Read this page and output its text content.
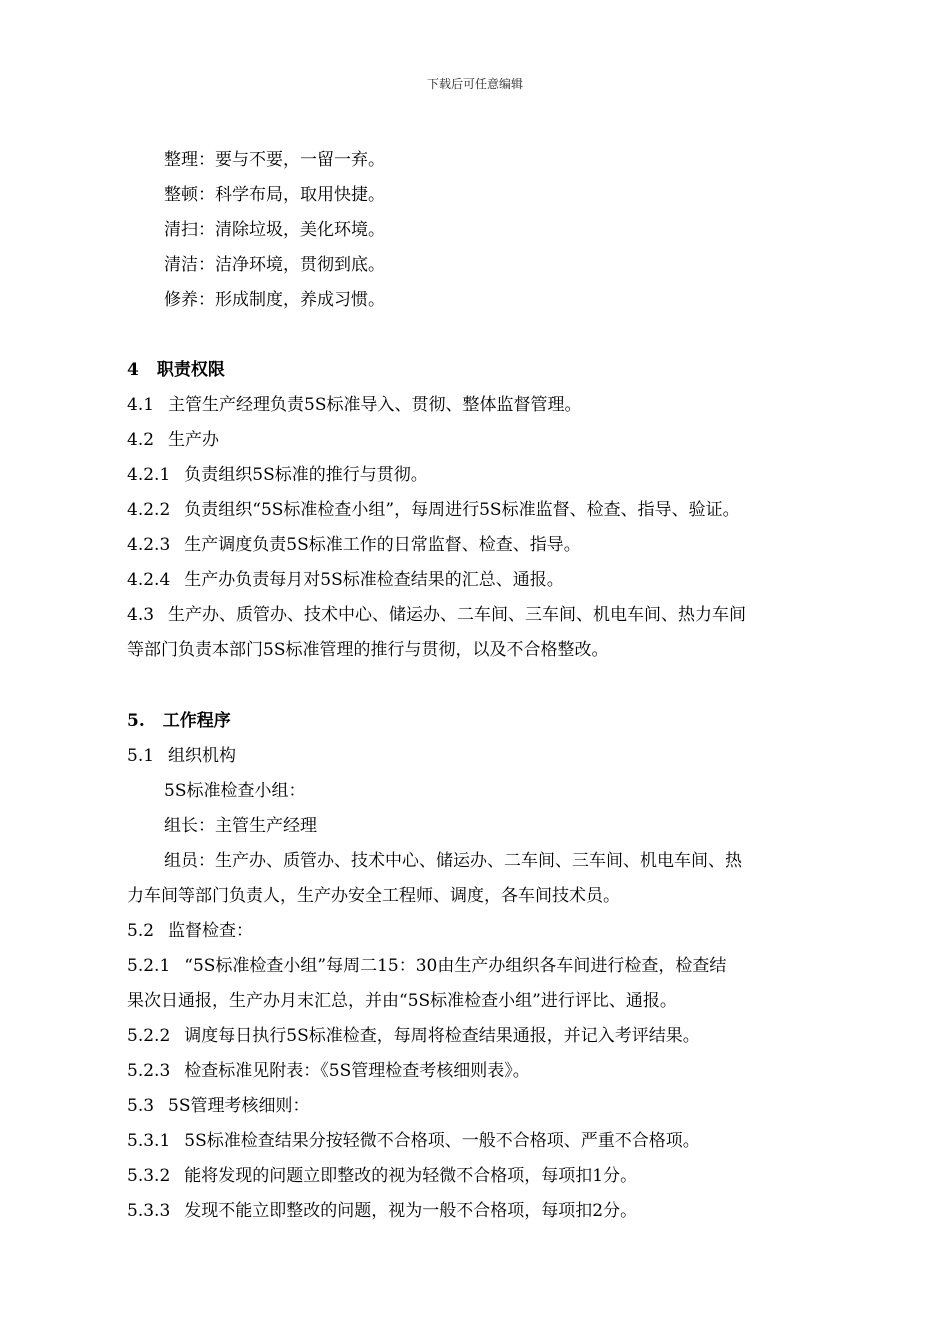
下载后可任意编辑
整理：要与不要，一留一弃。
整顿：科学布局，取用快捷。
清扫：清除垃圾，美化环境。
清洁：洁净环境，贯彻到底。
修养：形成制度，养成习惯。
4 职责权限
4.1 主管生产经理负责5S标准导入、贯彻、整体监督管理。
4.2 生产办
4.2.1 负责组织5S标准的推行与贯彻。
4.2.2 负责组织“5S标准检查小组”，每周进行5S标准监督、检查、指导、验证。
4.2.3 生产调度负责5S标准工作的日常监督、检查、指导。
4.2.4 生产办负责每月对5S标准检查结果的汇总、通报。
4.3 生产办、质管办、技术中心、储运办、二车间、三车间、机电车间、热力车间
等部门负责本部门5S标准管理的推行与贯彻，以及不合格整改。
5. 工作程序
5.1 组织机构
5S标准检查小组：
组长：主管生产经理
组员：生产办、质管办、技术中心、储运办、二车间、三车间、机电车间、热
力车间等部门负责人，生产办安全工程师、调度，各车间技术员。
5.2 监督检查：
5.2.1 “5S标准检查小组”每周二15：30由生产办组织各车间进行检查，检查结
果次日通报，生产办月末汇总，并由“5S标准检查小组”进行评比、通报。
5.2.2 调度每日执行5S标准检查，每周将检查结果通报，并记入考评结果。
5.2.3 检查标准见附表：《5S管理检查考核细则表》。
5.3 5S管理考核细则：
5.3.1 5S标准检查结果分按轻微不合格项、一般不合格项、严重不合格项。
5.3.2 能将发现的问题立即整改的视为轻微不合格项，每项扣1分。
5.3.3 发现不能立即整改的问题，视为一般不合格项，每项扣2分。
